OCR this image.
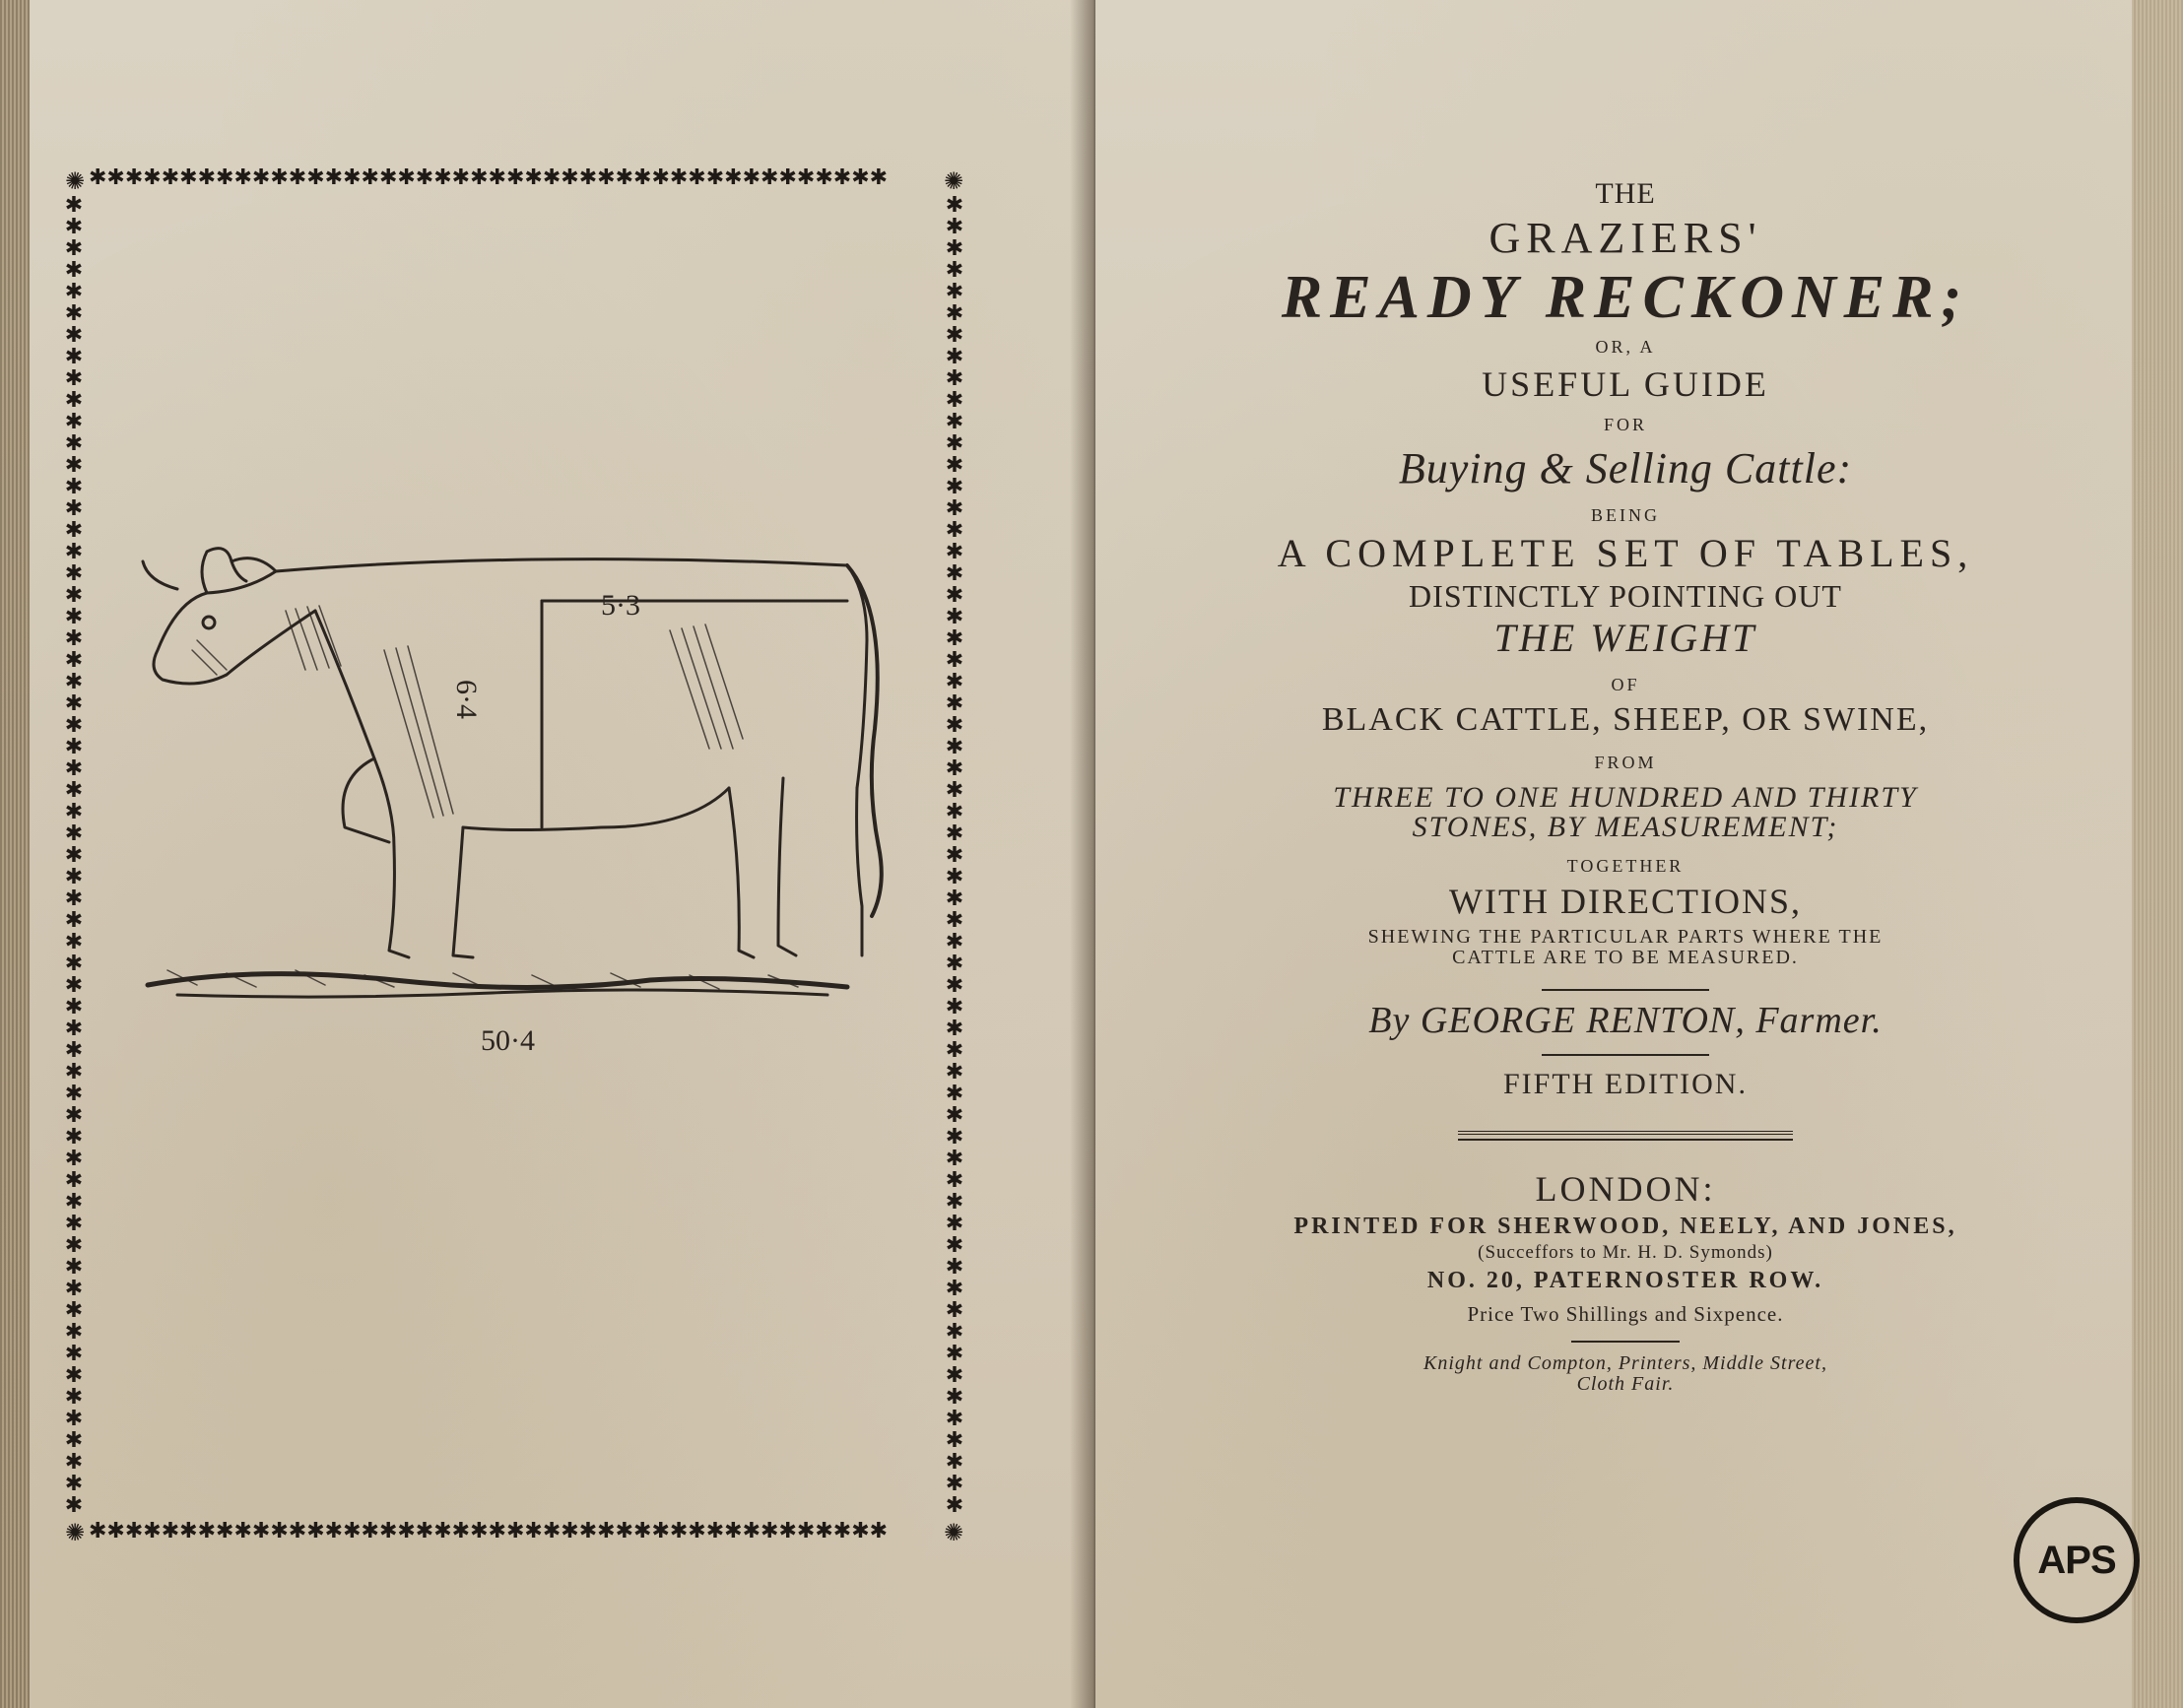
✺	✺
✺	✺
✱✱✱✱✱✱✱✱✱✱✱✱✱✱✱✱✱✱✱✱✱✱✱✱✱✱✱✱✱✱✱✱✱✱✱✱✱✱✱✱✱✱✱✱
✱✱✱✱✱✱✱✱✱✱✱✱✱✱✱✱✱✱✱✱✱✱✱✱✱✱✱✱✱✱✱✱✱✱✱✱✱✱✱✱✱✱✱✱
✱✱✱✱✱✱✱✱✱✱✱✱✱✱✱✱✱✱✱✱✱✱✱✱✱✱✱✱✱✱✱✱✱✱✱✱✱✱✱✱✱✱✱✱✱✱✱✱✱✱✱✱✱✱✱✱✱✱✱✱✱
✱✱✱✱✱✱✱✱✱✱✱✱✱✱✱✱✱✱✱✱✱✱✱✱✱✱✱✱✱✱✱✱✱✱✱✱✱✱✱✱✱✱✱✱✱✱✱✱✱✱✱✱✱✱✱✱✱✱✱✱✱
5·3
6·4
50·4
THE
GRAZIERS'
READY RECKONER;
OR, A
USEFUL GUIDE
FOR
Buying & Selling Cattle:
BEING
A COMPLETE SET OF TABLES,
DISTINCTLY POINTING OUT
THE WEIGHT
OF
BLACK CATTLE, SHEEP, OR SWINE,
FROM
THREE TO ONE HUNDRED AND THIRTY
STONES, BY MEASUREMENT;
TOGETHER
WITH DIRECTIONS,
SHEWING THE PARTICULAR PARTS WHERE THE
CATTLE ARE TO BE MEASURED.
By GEORGE RENTON, Farmer.
FIFTH EDITION.
LONDON:
PRINTED FOR SHERWOOD, NEELY, AND JONES,
(Succeffors to Mr. H. D. Symonds)
NO. 20, PATERNOSTER ROW.
Price Two Shillings and Sixpence.
Knight and Compton, Printers, Middle Street,
Cloth Fair.
APS
